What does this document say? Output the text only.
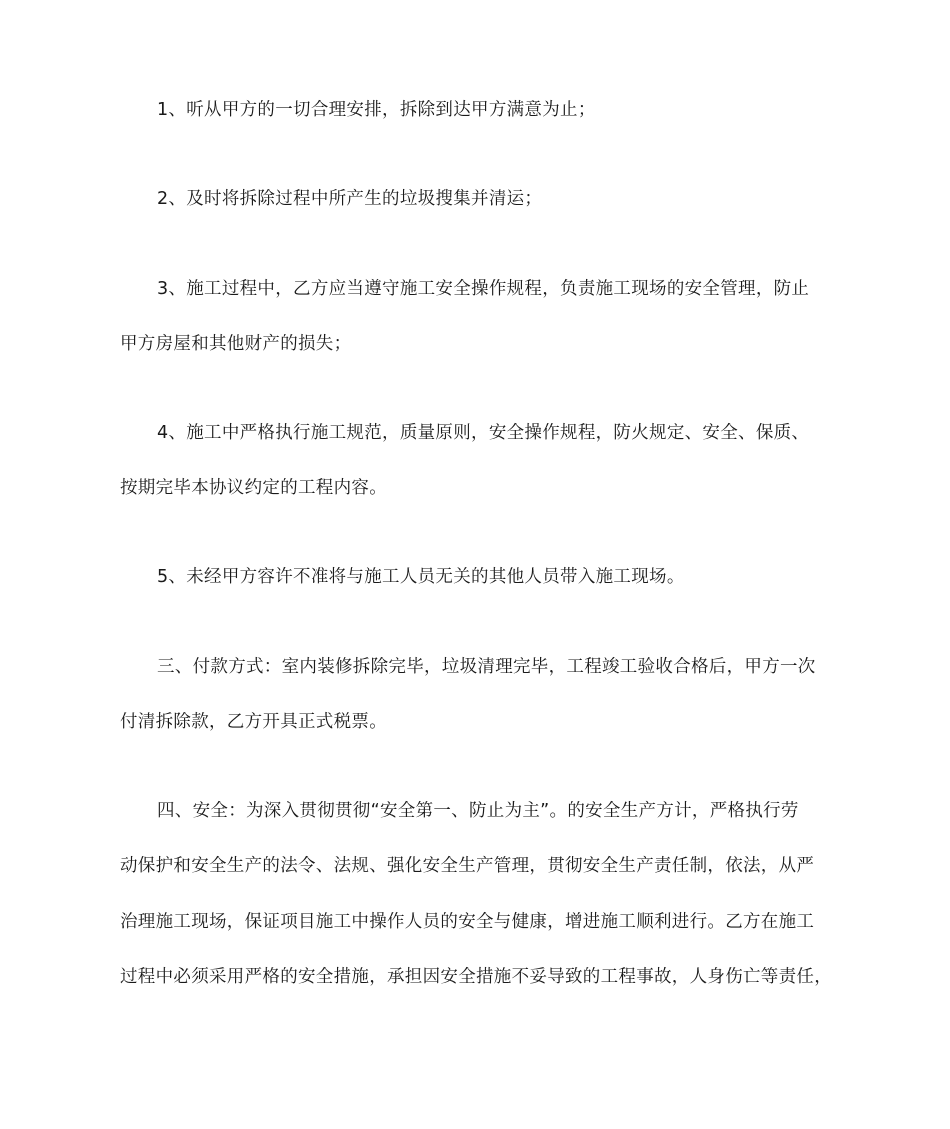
1、听从甲方的一切合理安排，拆除到达甲方满意为止；
2、及时将拆除过程中所产生的垃圾搜集并清运；
3、施工过程中，乙方应当遵守施工安全操作规程，负责施工现场的安全管理，防止
甲方房屋和其他财产的损失；
4、施工中严格执行施工规范，质量原则，安全操作规程，防火规定、安全、保质、
按期完毕本协议约定的工程内容。
5、未经甲方容许不准将与施工人员无关的其他人员带入施工现场。
三、付款方式：室内装修拆除完毕，垃圾清理完毕，工程竣工验收合格后，甲方一次
付清拆除款，乙方开具正式税票。
四、安全：为深入贯彻贯彻“安全第一、防止为主”。的安全生产方计，严格执行劳
动保护和安全生产的法令、法规、强化安全生产管理，贯彻安全生产责任制，依法，从严
治理施工现场，保证项目施工中操作人员的安全与健康，增进施工顺利进行。乙方在施工
过程中必须采用严格的安全措施，承担因安全措施不妥导致的工程事故，人身伤亡等责任，
